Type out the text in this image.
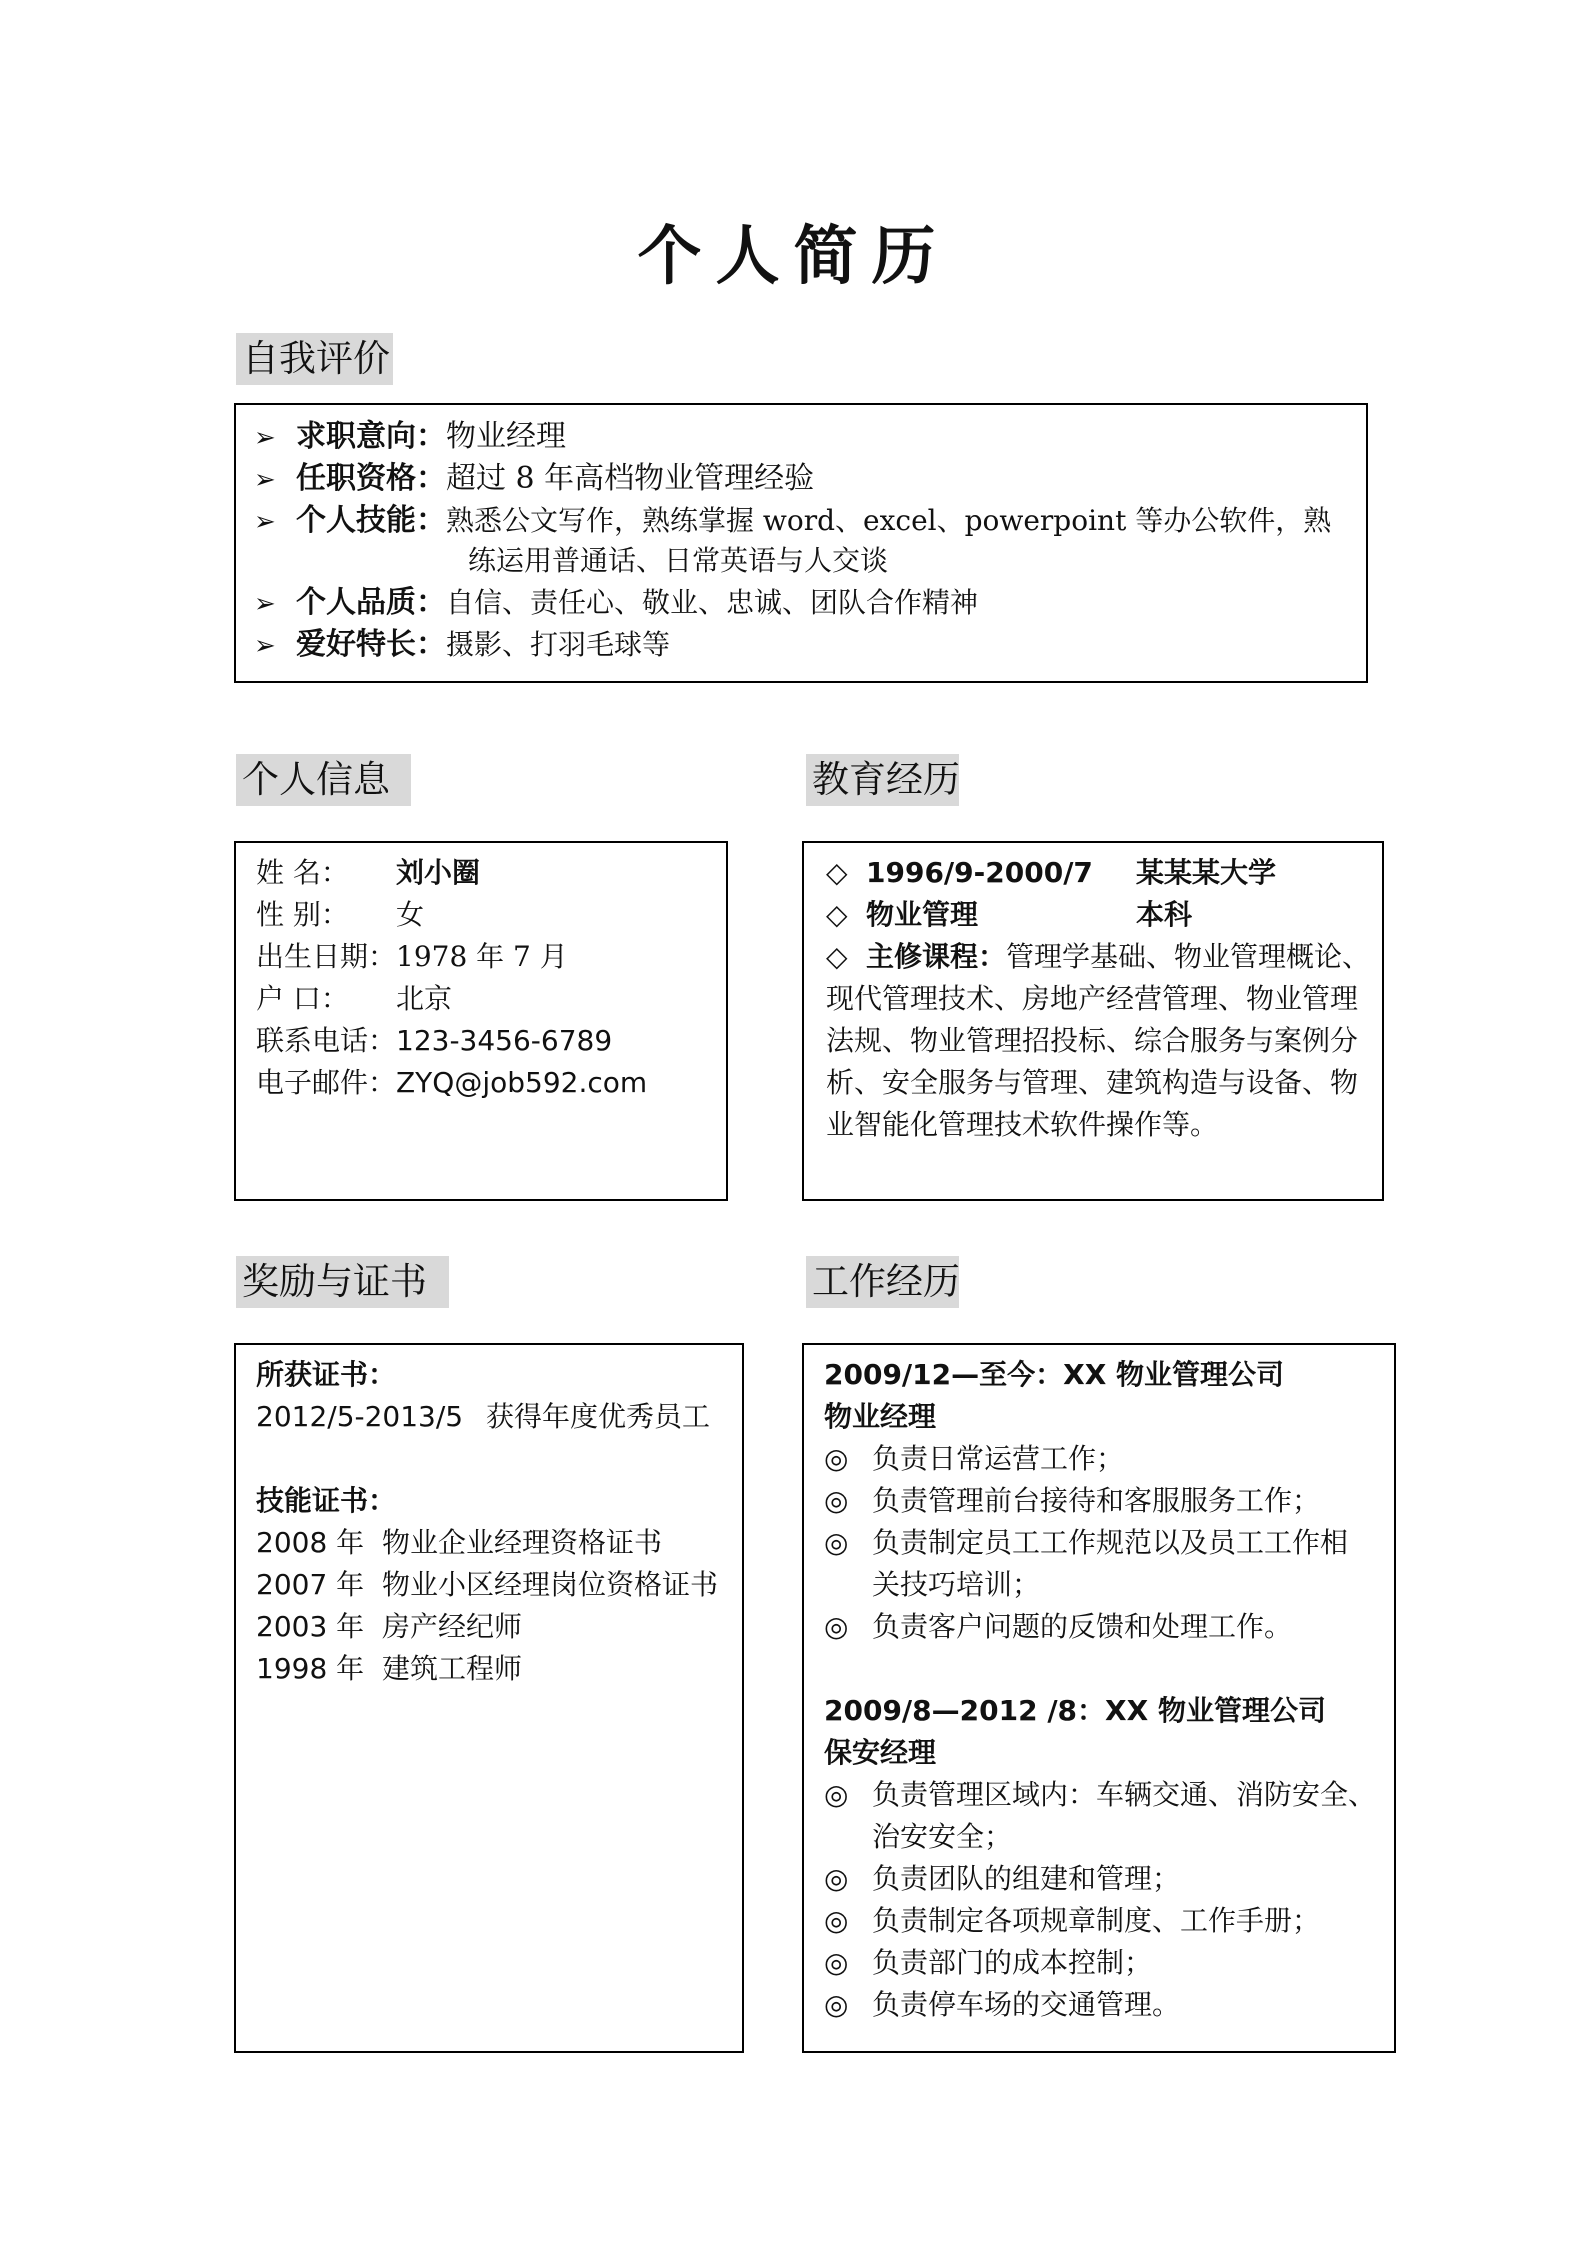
个人简历
自我评价
➢ 求职意向：物业经理
➢ 任职资格：超过 8 年高档物业管理经验
➢ 个人技能：熟悉公文写作，熟练掌握 word、excel、powerpoint 等办公软件，熟
练运用普通话、日常英语与人交谈
➢ 个人品质：自信、责任心、敬业、忠诚、团队合作精神
➢ 爱好特长：摄影、打羽毛球等
个人信息
姓 名： 刘小圈
性 别： 女
出生日期：1978 年 7 月
户 口： 北京
联系电话：123-3456-6789
电子邮件：ZYQ@job592.com
教育经历
◇ 1996/9-2000/7 某某某大学
◇ 物业管理	本科
◇ 主修课程：管理学基础、物业管理概论、
现代管理技术、房地产经营管理、物业管理
法规、物业管理招投标、综合服务与案例分
析、安全服务与管理、建筑构造与设备、物
业智能化管理技术软件操作等。
奖励与证书
所获证书：
2012/5-2013/5 获得年度优秀员工
技能证书：
2008 年 物业企业经理资格证书
2007 年 物业小区经理岗位资格证书
2003 年 房产经纪师
1998 年 建筑工程师
工作经历
2009/12—至今：XX 物业管理公司
物业经理
◎ 负责日常运营工作；
◎ 负责管理前台接待和客服服务工作；
◎ 负责制定员工工作规范以及员工工作相
关技巧培训；
◎ 负责客户问题的反馈和处理工作。
2009/8—2012 /8：XX 物业管理公司
保安经理
◎ 负责管理区域内：车辆交通、消防安全、
治安安全；
◎ 负责团队的组建和管理；
◎ 负责制定各项规章制度、工作手册；
◎ 负责部门的成本控制；
◎ 负责停车场的交通管理。
